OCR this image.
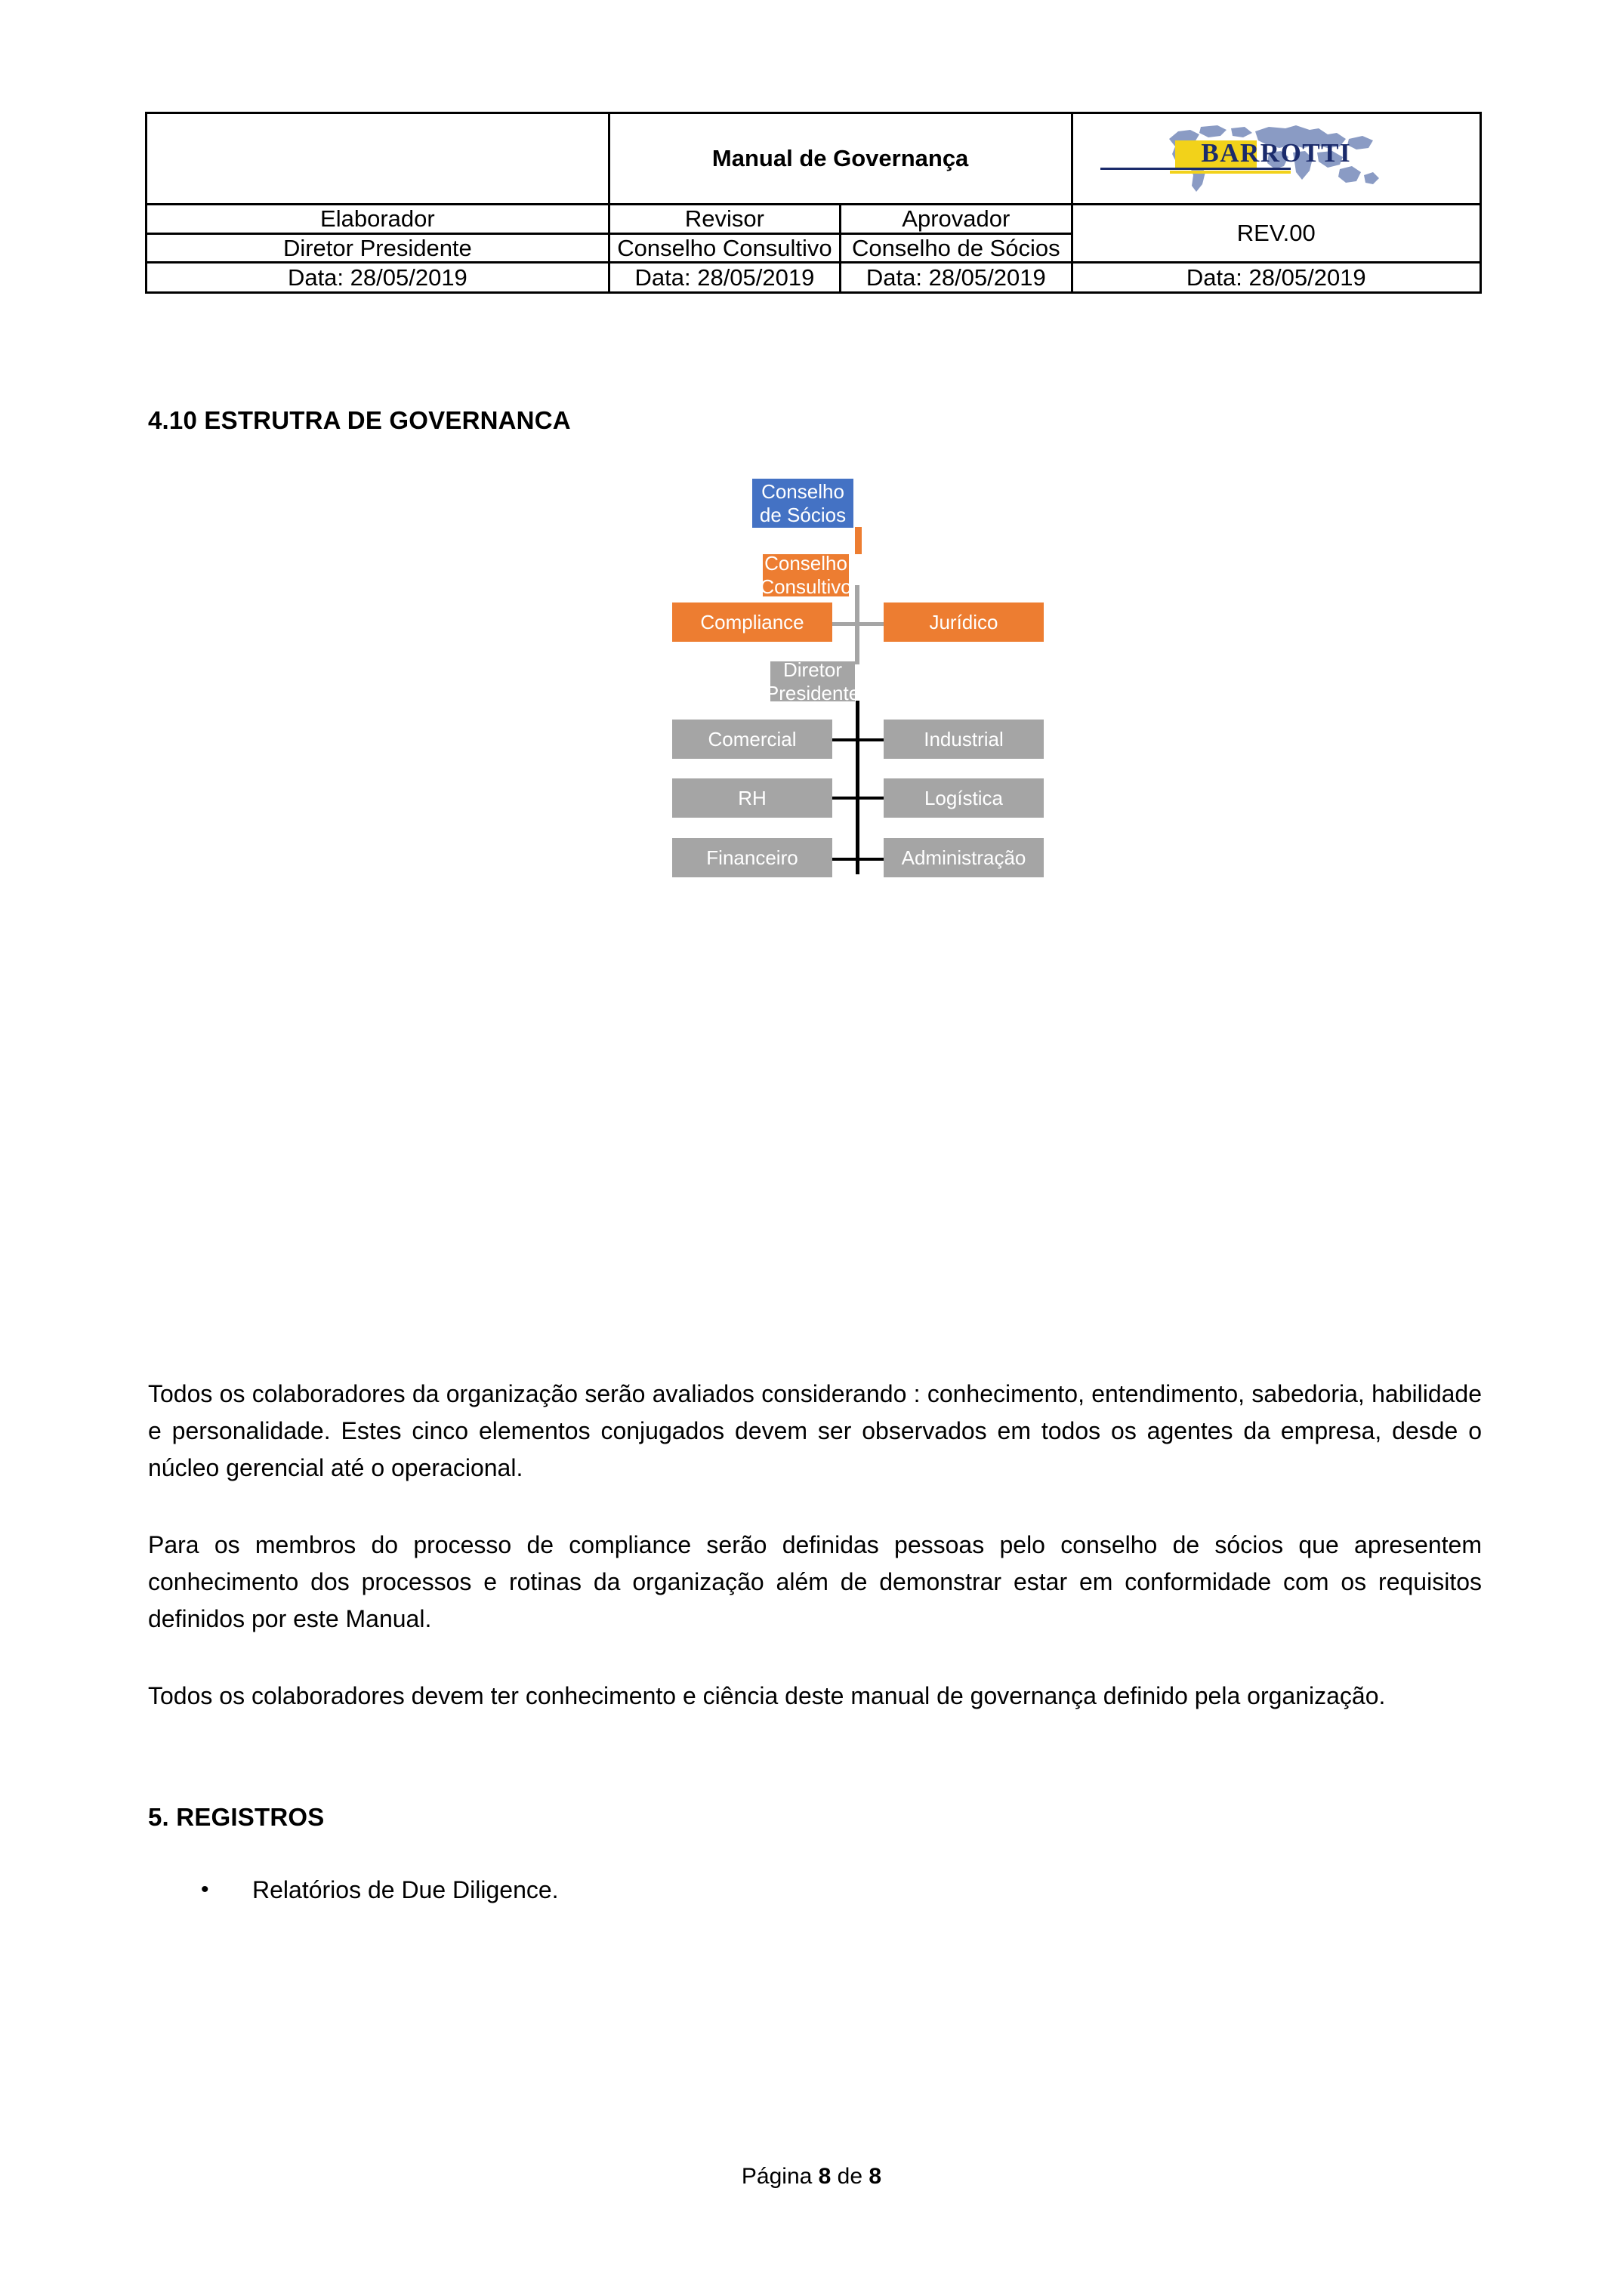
	Manual de Governança		BARROTTI

Elaborador	Revisor	Aprovador	REV.00
Diretor Presidente	Conselho Consultivo	Conselho de Sócios	
Data: 28/05/2019	Data: 28/05/2019	Data: 28/05/2019	Data: 28/05/2019
4.10 ESTRUTRA DE GOVERNANCA
Conselho de Sócios
Conselho Consultivo
Compliance	Jurídico
Diretor Presidente
Comercial	Industrial
RH	Logística
Financeiro	Administração
Todos os colaboradores da organização serão avaliados considerando : conhecimento, entendimento, sabedoria, habilidade e personalidade. Estes cinco elementos conjugados devem ser observados em todos os agentes da empresa, desde o núcleo gerencial até o operacional.
Para os membros do processo de compliance serão definidas pessoas pelo conselho de sócios que apresentem conhecimento dos processos e rotinas da organização além de demonstrar estar em conformidade com os requisitos definidos por este Manual.
Todos os colaboradores devem ter conhecimento e ciência deste manual de governança definido pela organização.
5. REGISTROS
• Relatórios de Due Diligence.
Página 8 de 8
